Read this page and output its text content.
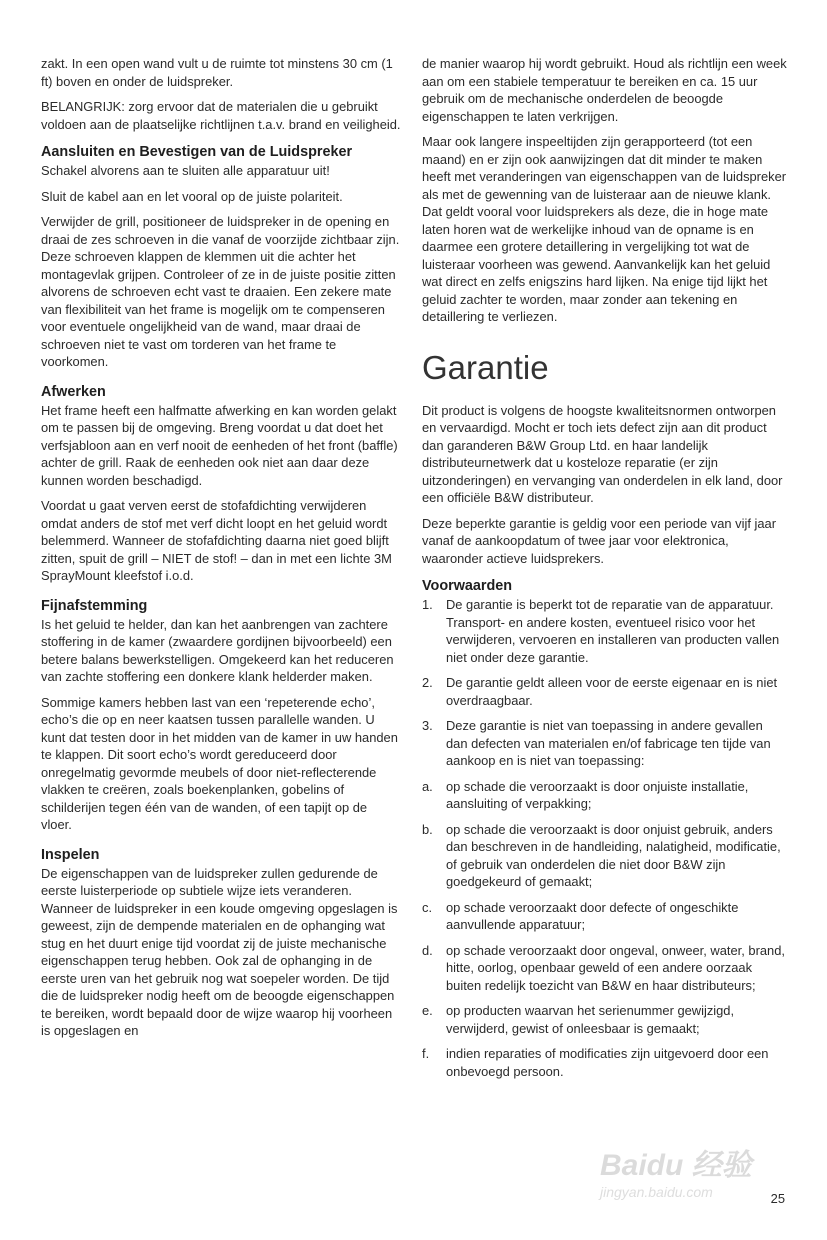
zakt. In een open wand vult u de ruimte tot minstens 30 cm (1 ft) boven en onder de luidspreker.

BELANGRIJK: zorg ervoor dat de materialen die u gebruikt voldoen aan de plaatselijke richtlijnen t.a.v. brand en veiligheid.

Aansluiten en Bevestigen van de Luidspreker

Schakel alvorens aan te sluiten alle apparatuur uit!

Sluit de kabel aan en let vooral op de juiste polariteit.

Verwijder de grill, positioneer de luidspreker in de opening en draai de zes schroeven in die vanaf de voorzijde zichtbaar zijn. Deze schroeven klappen de klemmen uit die achter het montagevlak grijpen. Controleer of ze in de juiste positie zitten alvorens de schroeven echt vast te draaien. Een zekere mate van flexibiliteit van het frame is mogelijk om te compenseren voor eventuele ongelijkheid van de wand, maar draai de schroeven niet te vast om torderen van het frame te voorkomen.

Afwerken

Het frame heeft een halfmatte afwerking en kan worden gelakt om te passen bij de omgeving. Breng voordat u dat doet het verfsjabloon aan en verf nooit de eenheden of het front (baffle) achter de grill. Raak de eenheden ook niet aan daar deze kunnen worden beschadigd.

Voordat u gaat verven eerst de stofafdichting verwijderen omdat anders de stof met verf dicht loopt en het geluid wordt belemmerd. Wanneer de stofafdichting daarna niet goed blijft zitten, spuit de grill – NIET de stof! – dan in met een lichte 3M SprayMount kleefstof i.o.d.

Fijnafstemming

Is het geluid te helder, dan kan het aanbrengen van zachtere stoffering in de kamer (zwaardere gordijnen bijvoorbeeld) een betere balans bewerkstelligen. Omgekeerd kan het reduceren van zachte stoffering een donkere klank helderder maken.

Sommige kamers hebben last van een ‘repeterende echo’, echo’s die op en neer kaatsen tussen parallelle wanden. U kunt dat testen door in het midden van de kamer in uw handen te klappen. Dit soort echo’s wordt gereduceerd door onregelmatig gevormde meubels of door niet-reflecterende vlakken te creëren, zoals boekenplanken, gobelins of schilderijen tegen één van de wanden, of een tapijt op de vloer.

Inspelen

De eigenschappen van de luidspreker zullen gedurende de eerste luisterperiode op subtiele wijze iets veranderen. Wanneer de luidspreker in een koude omgeving opgeslagen is geweest, zijn de dempende materialen en de ophanging wat stug en het duurt enige tijd voordat zij de juiste mechanische eigenschappen terug hebben. Ook zal de ophanging in de eerste uren van het gebruik nog wat soepeler worden. De tijd die de luidspreker nodig heeft om de beoogde eigenschappen te bereiken, wordt bepaald door de wijze waarop hij voorheen is opgeslagen en

de manier waarop hij wordt gebruikt. Houd als richtlijn een week aan om een stabiele temperatuur te bereiken en ca. 15 uur gebruik om de mechanische onderdelen de beoogde eigenschappen te laten verkrijgen.

Maar ook langere inspeeltijden zijn gerapporteerd (tot een maand) en er zijn ook aanwijzingen dat dit minder te maken heeft met veranderingen van eigenschappen van de luidspreker als met de gewenning van de luisteraar aan de nieuwe klank. Dat geldt vooral voor luidsprekers als deze, die in hoge mate laten horen wat de werkelijke inhoud van de opname is en daarmee een grotere detaillering in vergelijking tot wat de luisteraar voorheen was gewend. Aanvankelijk kan het geluid wat direct en zelfs enigszins hard lijken. Na enige tijd lijkt het geluid zachter te worden, maar zonder aan tekening en detaillering te verliezen.

Garantie

Dit product is volgens de hoogste kwaliteitsnormen ontworpen en vervaardigd. Mocht er toch iets defect zijn aan dit product dan garanderen B&W Group Ltd. en haar landelijk distributeurnetwerk dat u kosteloze reparatie (er zijn uitzonderingen) en vervanging van onderdelen in elk land, door een officiële B&W distributeur.

Deze beperkte garantie is geldig voor een periode van vijf jaar vanaf de aankoopdatum of twee jaar voor elektronica, waaronder actieve luidsprekers.

Voorwaarden
1.	De garantie is beperkt tot de reparatie van de apparatuur. Transport- en andere kosten, eventueel risico voor het verwijderen, vervoeren en installeren van producten vallen niet onder deze garantie.
2.	De garantie geldt alleen voor de eerste eigenaar en is niet overdraagbaar.
3.	Deze garantie is niet van toepassing in andere gevallen dan defecten van materialen en/of fabricage ten tijde van aankoop en is niet van toepassing:
a.	op schade die veroorzaakt is door onjuiste installatie, aansluiting of verpakking;
b.	op schade die veroorzaakt is door onjuist gebruik, anders dan beschreven in de handleiding, nalatigheid, modificatie, of gebruik van onderdelen die niet door B&W zijn goedgekeurd of gemaakt;
c.	op schade veroorzaakt door defecte of ongeschikte aanvullende apparatuur;
d.	op schade veroorzaakt door ongeval, onweer, water, brand, hitte, oorlog, openbaar geweld of een andere oorzaak buiten redelijk toezicht van B&W en haar distributeurs;
e.	op producten waarvan het serienummer gewijzigd, verwijderd, gewist of onleesbaar is gemaakt;
f.	indien reparaties of modificaties zijn uitgevoerd door een onbevoegd persoon.
Baidu 经验
jingyan.baidu.com	25
